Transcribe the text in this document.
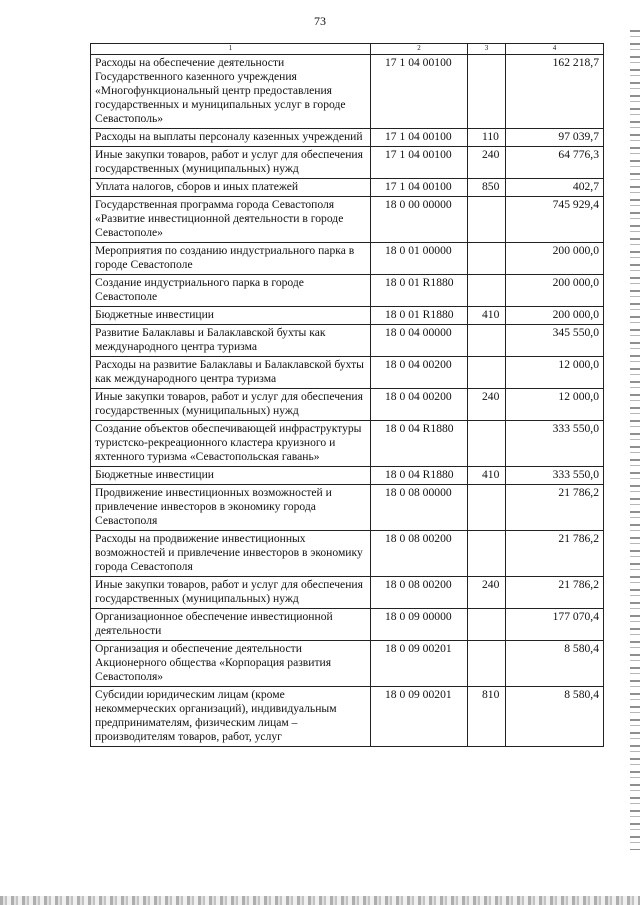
73
1	2	3	4
Расходы на обеспечение деятельности Государственного казенного учреждения «Многофункциональный центр предоставления государственных и муниципальных услуг в городе Севастополь»	17 1 04 00100		162 218,7
Расходы на выплаты персоналу казенных учреждений	17 1 04 00100	110	97 039,7
Иные закупки товаров, работ и услуг для обеспечения государственных (муниципальных) нужд	17 1 04 00100	240	64 776,3
Уплата налогов, сборов и иных платежей	17 1 04 00100	850	402,7
Государственная программа города Севастополя «Развитие инвестиционной деятельности в городе Севастополе»	18 0 00 00000		745 929,4
Мероприятия по созданию индустриального парка в городе Севастополе	18 0 01 00000		200 000,0
Создание индустриального парка в городе Севастополе	18 0 01 R1880		200 000,0
Бюджетные инвестиции	18 0 01 R1880	410	200 000,0
Развитие Балаклавы и Балаклавской бухты как международного центра туризма	18 0 04 00000		345 550,0
Расходы на развитие Балаклавы и Балаклавской бухты как международного центра туризма	18 0 04 00200		12 000,0
Иные закупки товаров, работ и услуг для обеспечения государственных (муниципальных) нужд	18 0 04 00200	240	12 000,0
Создание объектов обеспечивающей инфраструктуры туристско-рекреационного кластера круизного и яхтенного туризма «Севастопольская гавань»	18 0 04 R1880		333 550,0
Бюджетные инвестиции	18 0 04 R1880	410	333 550,0
Продвижение инвестиционных возможностей и привлечение инвесторов в экономику города Севастополя	18 0 08 00000		21 786,2
Расходы на продвижение инвестиционных возможностей и привлечение инвесторов в экономику города Севастополя	18 0 08 00200		21 786,2
Иные закупки товаров, работ и услуг для обеспечения государственных (муниципальных) нужд	18 0 08 00200	240	21 786,2
Организационное обеспечение инвестиционной деятельности	18 0 09 00000		177 070,4
Организация и обеспечение деятельности Акционерного общества «Корпорация развития Севастополя»	18 0 09 00201		8 580,4
Субсидии юридическим лицам (кроме некоммерческих организаций), индивидуальным предпринимателям, физическим лицам – производителям товаров, работ, услуг	18 0 09 00201	810	8 580,4
